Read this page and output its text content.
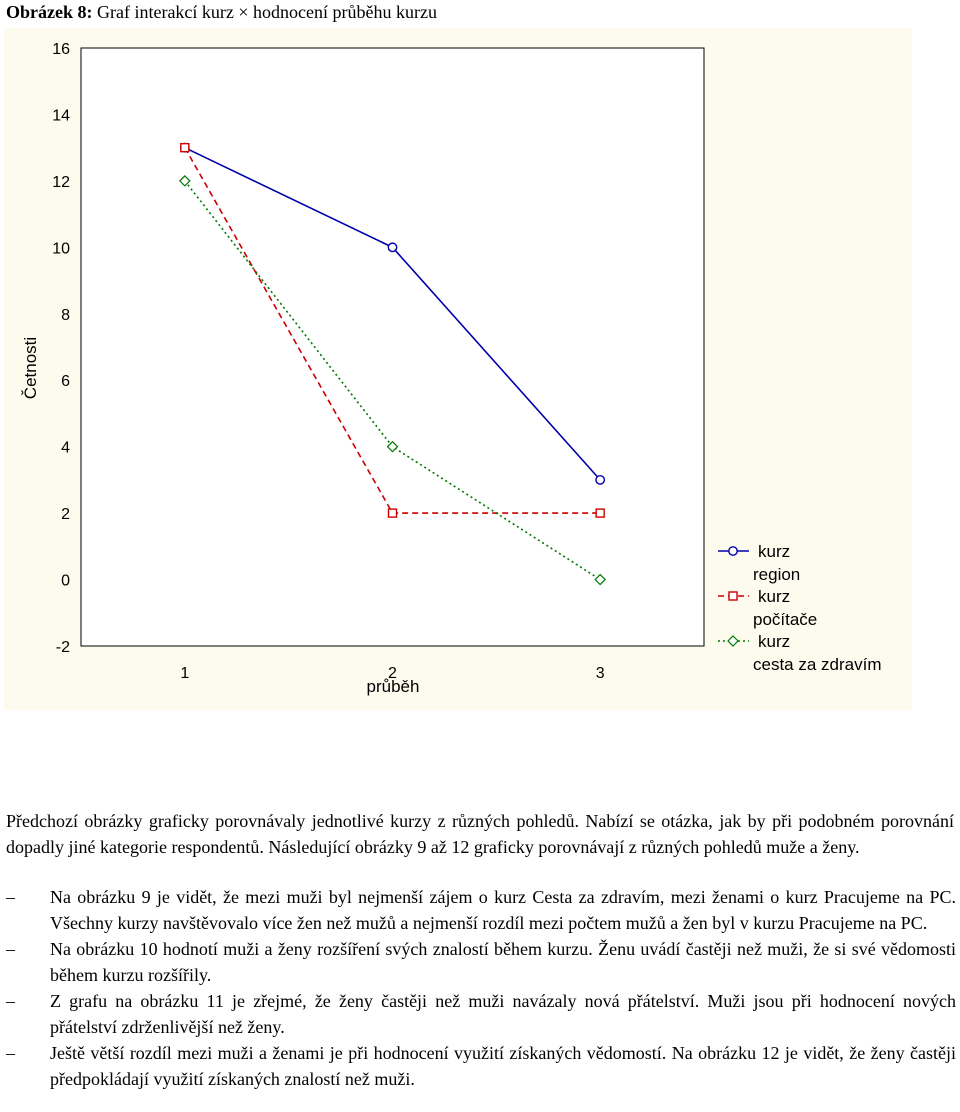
Obrázek 8: Graf interakcí kurz × hodnocení průběhu kurzu
-2
0
2
4
6
8
10
12
14
16
1	2	3
Četnosti
průběh
kurz
region
kurz
počítače
kurz
cesta za zdravím
Předchozí obrázky graficky porovnávaly jednotlivé kurzy z různých pohledů. Nabízí se otázka, jak by při podobném porovnání dopadly jiné kategorie respondentů. Následující obrázky 9 až 12 graficky porovnávají z různých pohledů muže a ženy.
– Na obrázku 9 je vidět, že mezi muži byl nejmenší zájem o kurz Cesta za zdravím, mezi ženami o kurz Pracujeme na PC. Všechny kurzy navštěvovalo více žen než mužů a nejmenší rozdíl mezi počtem mužů a žen byl v kurzu Pracujeme na PC.
– Na obrázku 10 hodnotí muži a ženy rozšíření svých znalostí během kurzu. Ženu uvádí častěji než muži, že si své vědomosti během kurzu rozšířily.
– Z grafu na obrázku 11 je zřejmé, že ženy častěji než muži navázaly nová přátelství. Muži jsou při hodnocení nových přátelství zdrženlivější než ženy.
– Ještě větší rozdíl mezi muži a ženami je při hodnocení využití získaných vědomostí. Na obrázku 12 je vidět, že ženy častěji předpokládají využití získaných znalostí než muži.
